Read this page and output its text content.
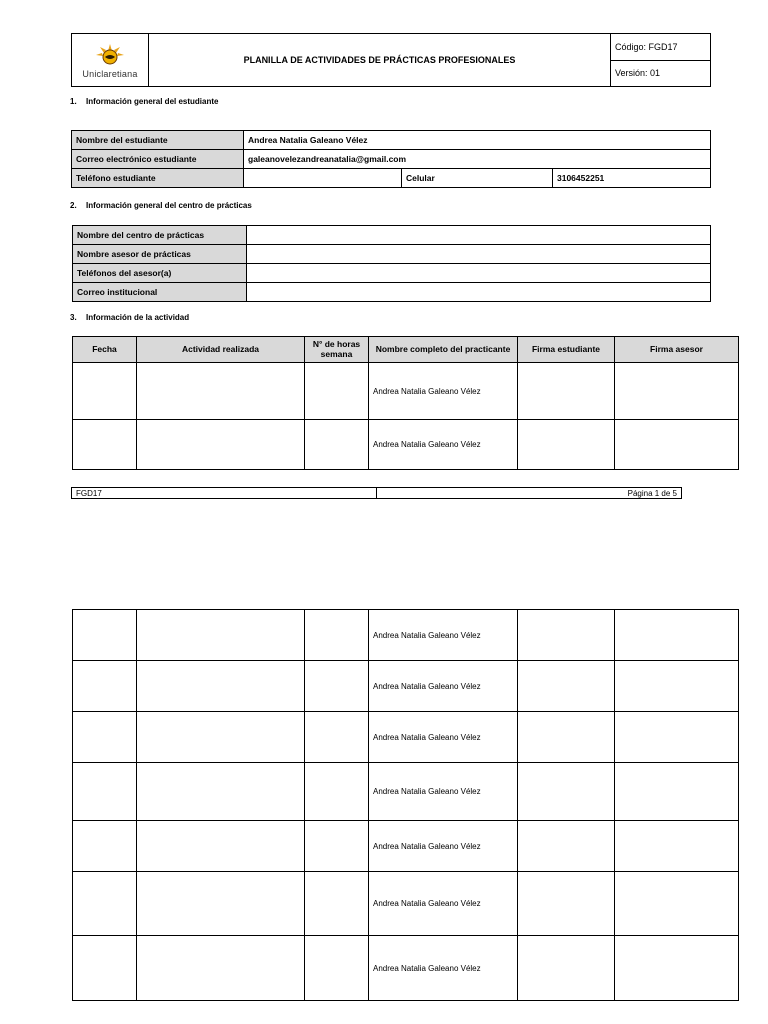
Uniclaretiana
	PLANILLA DE ACTIVIDADES DE PRÁCTICAS PROFESIONALES	Código: FGD17
Versión: 01
1. Información general del estudiante
Nombre del estudiante	Andrea Natalia Galeano Vélez		
Correo electrónico estudiante	galeanovelezandreanatalia@gmail.com		
Teléfono estudiante		Celular	3106452251
2. Información general del centro de prácticas
Nombre del centro de prácticas	
Nombre asesor de prácticas	
Teléfonos del asesor(a)	
Correo institucional	
3. Información de la actividad
Fecha	Actividad realizada	N° de horas semana	Nombre completo del practicante	Firma estudiante	Firma asesor
			Andrea Natalia Galeano Vélez		
			Andrea Natalia Galeano Vélez		
FGD17	Página 1 de 5
			Andrea Natalia Galeano Vélez		
			Andrea Natalia Galeano Vélez		
			Andrea Natalia Galeano Vélez		
			Andrea Natalia Galeano Vélez		
			Andrea Natalia Galeano Vélez		
			Andrea Natalia Galeano Vélez		
			Andrea Natalia Galeano Vélez		
